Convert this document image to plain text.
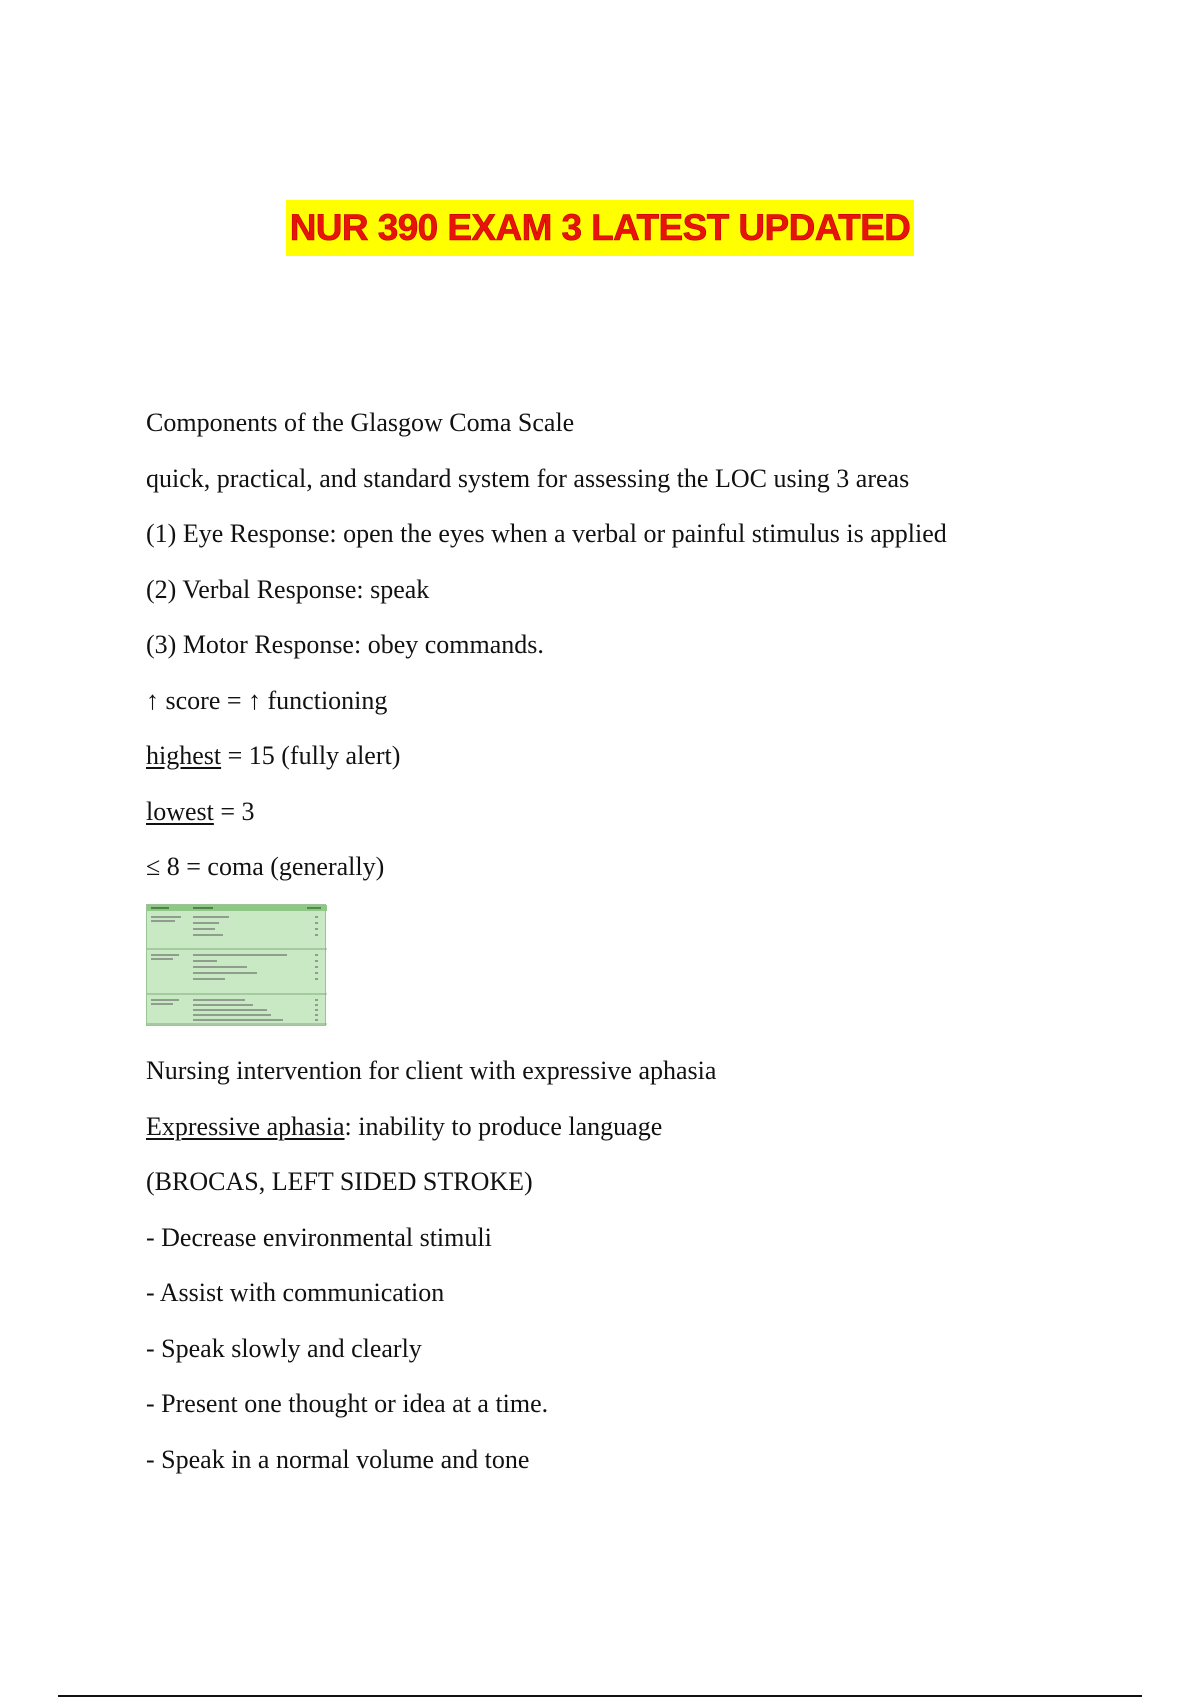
NUR 390 EXAM 3 LATEST UPDATED
Components of the Glasgow Coma Scale
quick, practical, and standard system for assessing the LOC using 3 areas
(1) Eye Response: open the eyes when a verbal or painful stimulus is applied
(2) Verbal Response: speak
(3) Motor Response: obey commands.
↑ score = ↑ functioning
highest = 15 (fully alert)
lowest = 3
≤ 8 = coma (generally)
Nursing intervention for client with expressive aphasia
Expressive aphasia: inability to produce language
(BROCAS, LEFT SIDED STROKE)
- Decrease environmental stimuli
- Assist with communication
- Speak slowly and clearly
- Present one thought or idea at a time.
- Speak in a normal volume and tone
